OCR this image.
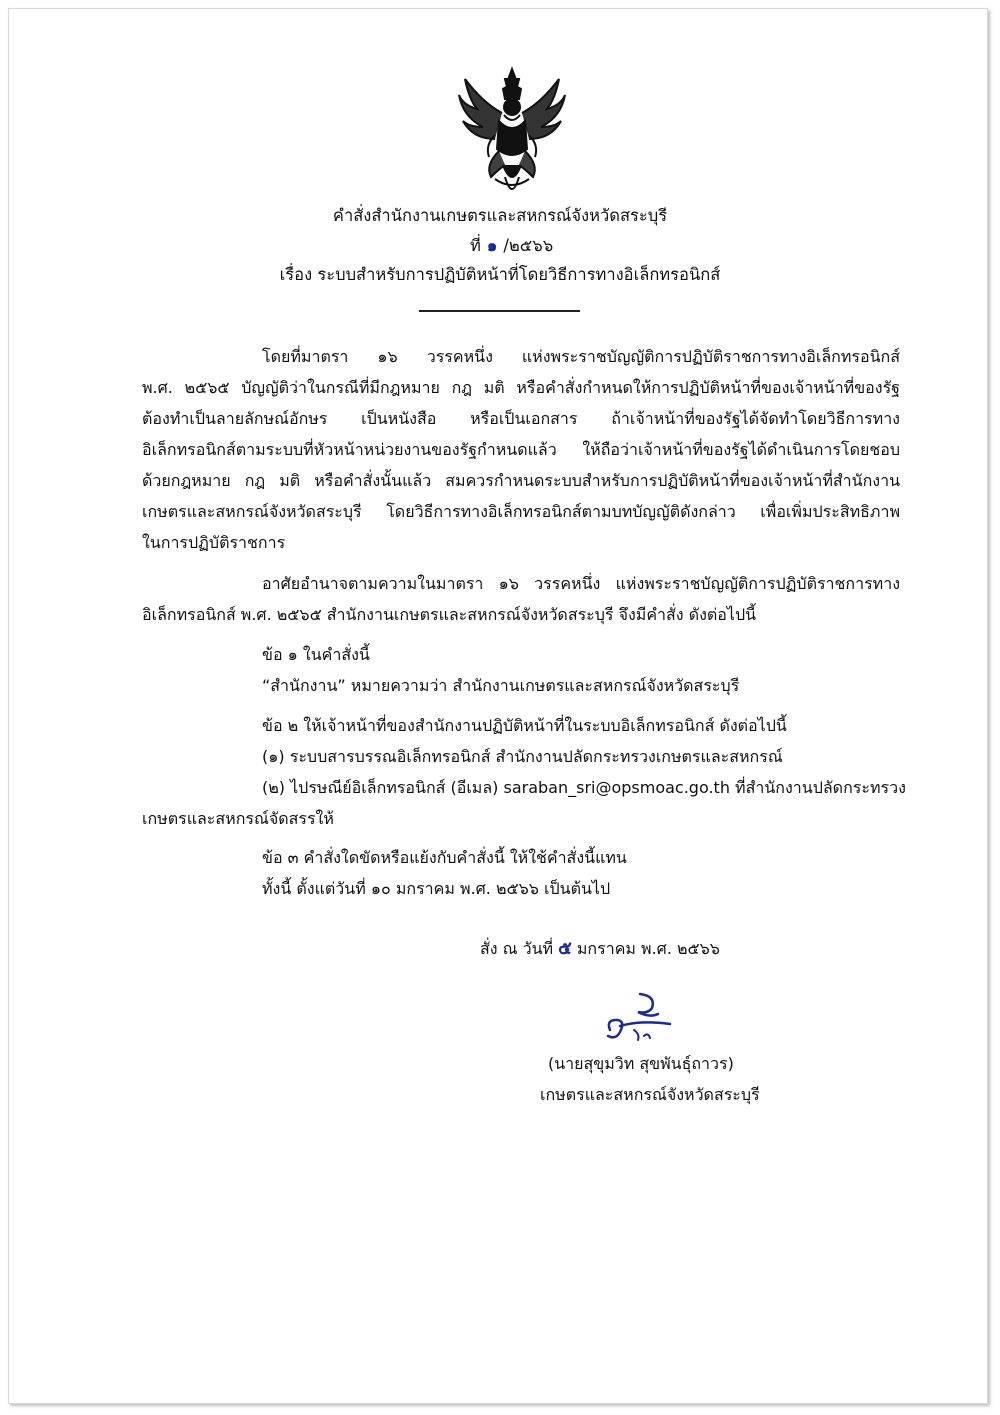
คำสั่งสำนักงานเกษตรและสหกรณ์จังหวัดสระบุรี
ที่ ๑ /๒๕๖๖
เรื่อง ระบบสำหรับการปฏิบัติหน้าที่โดยวิธีการทางอิเล็กทรอนิกส์
โดยที่มาตรา ๑๖ วรรคหนึ่ง แห่งพระราชบัญญัติการปฏิบัติราชการทางอิเล็กทรอนิกส์
พ.ศ. ๒๕๖๕ บัญญัติว่าในกรณีที่มีกฎหมาย กฎ มติ หรือคำสั่งกำหนดให้การปฏิบัติหน้าที่ของเจ้าหน้าที่ของรัฐ
ต้องทำเป็นลายลักษณ์อักษร เป็นหนังสือ หรือเป็นเอกสาร ถ้าเจ้าหน้าที่ของรัฐได้จัดทำโดยวิธีการทาง
อิเล็กทรอนิกส์ตามระบบที่หัวหน้าหน่วยงานของรัฐกำหนดแล้ว ให้ถือว่าเจ้าหน้าที่ของรัฐได้ดำเนินการโดยชอบ
ด้วยกฎหมาย กฎ มติ หรือคำสั่งนั้นแล้ว สมควรกำหนดระบบสำหรับการปฏิบัติหน้าที่ของเจ้าหน้าที่สำนักงาน
เกษตรและสหกรณ์จังหวัดสระบุรี โดยวิธีการทางอิเล็กทรอนิกส์ตามบทบัญญัติดังกล่าว เพื่อเพิ่มประสิทธิภาพ
ในการปฏิบัติราชการ
อาศัยอำนาจตามความในมาตรา ๑๖ วรรคหนึ่ง แห่งพระราชบัญญัติการปฏิบัติราชการทาง
อิเล็กทรอนิกส์ พ.ศ. ๒๕๖๕ สำนักงานเกษตรและสหกรณ์จังหวัดสระบุรี จึงมีคำสั่ง ดังต่อไปนี้
ข้อ ๑ ในคำสั่งนี้
“สำนักงาน” หมายความว่า สำนักงานเกษตรและสหกรณ์จังหวัดสระบุรี
ข้อ ๒ ให้เจ้าหน้าที่ของสำนักงานปฏิบัติหน้าที่ในระบบอิเล็กทรอนิกส์ ดังต่อไปนี้
(๑) ระบบสารบรรณอิเล็กทรอนิกส์ สำนักงานปลัดกระทรวงเกษตรและสหกรณ์
(๒) ไปรษณีย์อิเล็กทรอนิกส์ (อีเมล) saraban_sri@opsmoac.go.th ที่สำนักงานปลัดกระทรวง
เกษตรและสหกรณ์จัดสรรให้
ข้อ ๓ คำสั่งใดขัดหรือแย้งกับคำสั่งนี้ ให้ใช้คำสั่งนี้แทน
ทั้งนี้ ตั้งแต่วันที่ ๑๐ มกราคม พ.ศ. ๒๕๖๖ เป็นต้นไป
สั่ง ณ วันที่ ๕ มกราคม พ.ศ. ๒๕๖๖
(นายสุขุมวิท สุขพันธุ์ถาวร)
เกษตรและสหกรณ์จังหวัดสระบุรี
